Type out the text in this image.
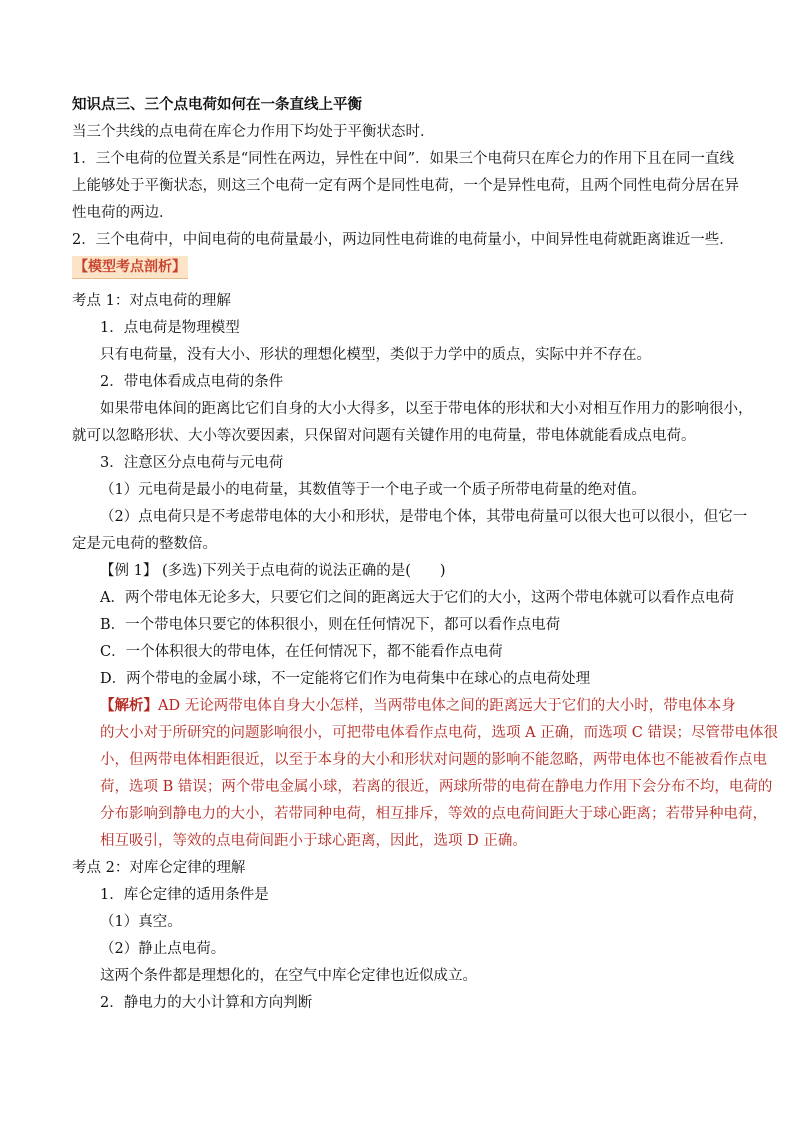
知识点三、三个点电荷如何在一条直线上平衡
当三个共线的点电荷在库仑力作用下均处于平衡状态时．
1．三个电荷的位置关系是“同性在两边，异性在中间”．如果三个电荷只在库仑力的作用下且在同一直线
上能够处于平衡状态，则这三个电荷一定有两个是同性电荷，一个是异性电荷，且两个同性电荷分居在异
性电荷的两边．
2．三个电荷中，中间电荷的电荷量最小，两边同性电荷谁的电荷量小，中间异性电荷就距离谁近一些．
【模型考点剖析】
考点 1：对点电荷的理解
1．点电荷是物理模型
只有电荷量，没有大小、形状的理想化模型，类似于力学中的质点，实际中并不存在。
2．带电体看成点电荷的条件
如果带电体间的距离比它们自身的大小大得多，以至于带电体的形状和大小对相互作用力的影响很小，
就可以忽略形状、大小等次要因素，只保留对问题有关键作用的电荷量，带电体就能看成点电荷。
3．注意区分点电荷与元电荷
（1）元电荷是最小的电荷量，其数值等于一个电子或一个质子所带电荷量的绝对值。
（2）点电荷只是不考虑带电体的大小和形状，是带电个体，其带电荷量可以很大也可以很小，但它一
定是元电荷的整数倍。
【例 1】 (多选)下列关于点电荷的说法正确的是(　　)
A．两个带电体无论多大，只要它们之间的距离远大于它们的大小，这两个带电体就可以看作点电荷
B．一个带电体只要它的体积很小，则在任何情况下，都可以看作点电荷
C．一个体积很大的带电体，在任何情况下，都不能看作点电荷
D．两个带电的金属小球，不一定能将它们作为电荷集中在球心的点电荷处理
【解析】AD 无论两带电体自身大小怎样，当两带电体之间的距离远大于它们的大小时，带电体本身
的大小对于所研究的问题影响很小，可把带电体看作点电荷，选项 A 正确，而选项 C 错误；尽管带电体很
小，但两带电体相距很近，以至于本身的大小和形状对问题的影响不能忽略，两带电体也不能被看作点电
荷，选项 B 错误；两个带电金属小球，若离的很近，两球所带的电荷在静电力作用下会分布不均，电荷的
分布影响到静电力的大小，若带同种电荷，相互排斥，等效的点电荷间距大于球心距离；若带异种电荷，
相互吸引，等效的点电荷间距小于球心距离，因此，选项 D 正确。
考点 2：对库仑定律的理解
1．库仑定律的适用条件是
（1）真空。
（2）静止点电荷。
这两个条件都是理想化的，在空气中库仑定律也近似成立。
2．静电力的大小计算和方向判断
